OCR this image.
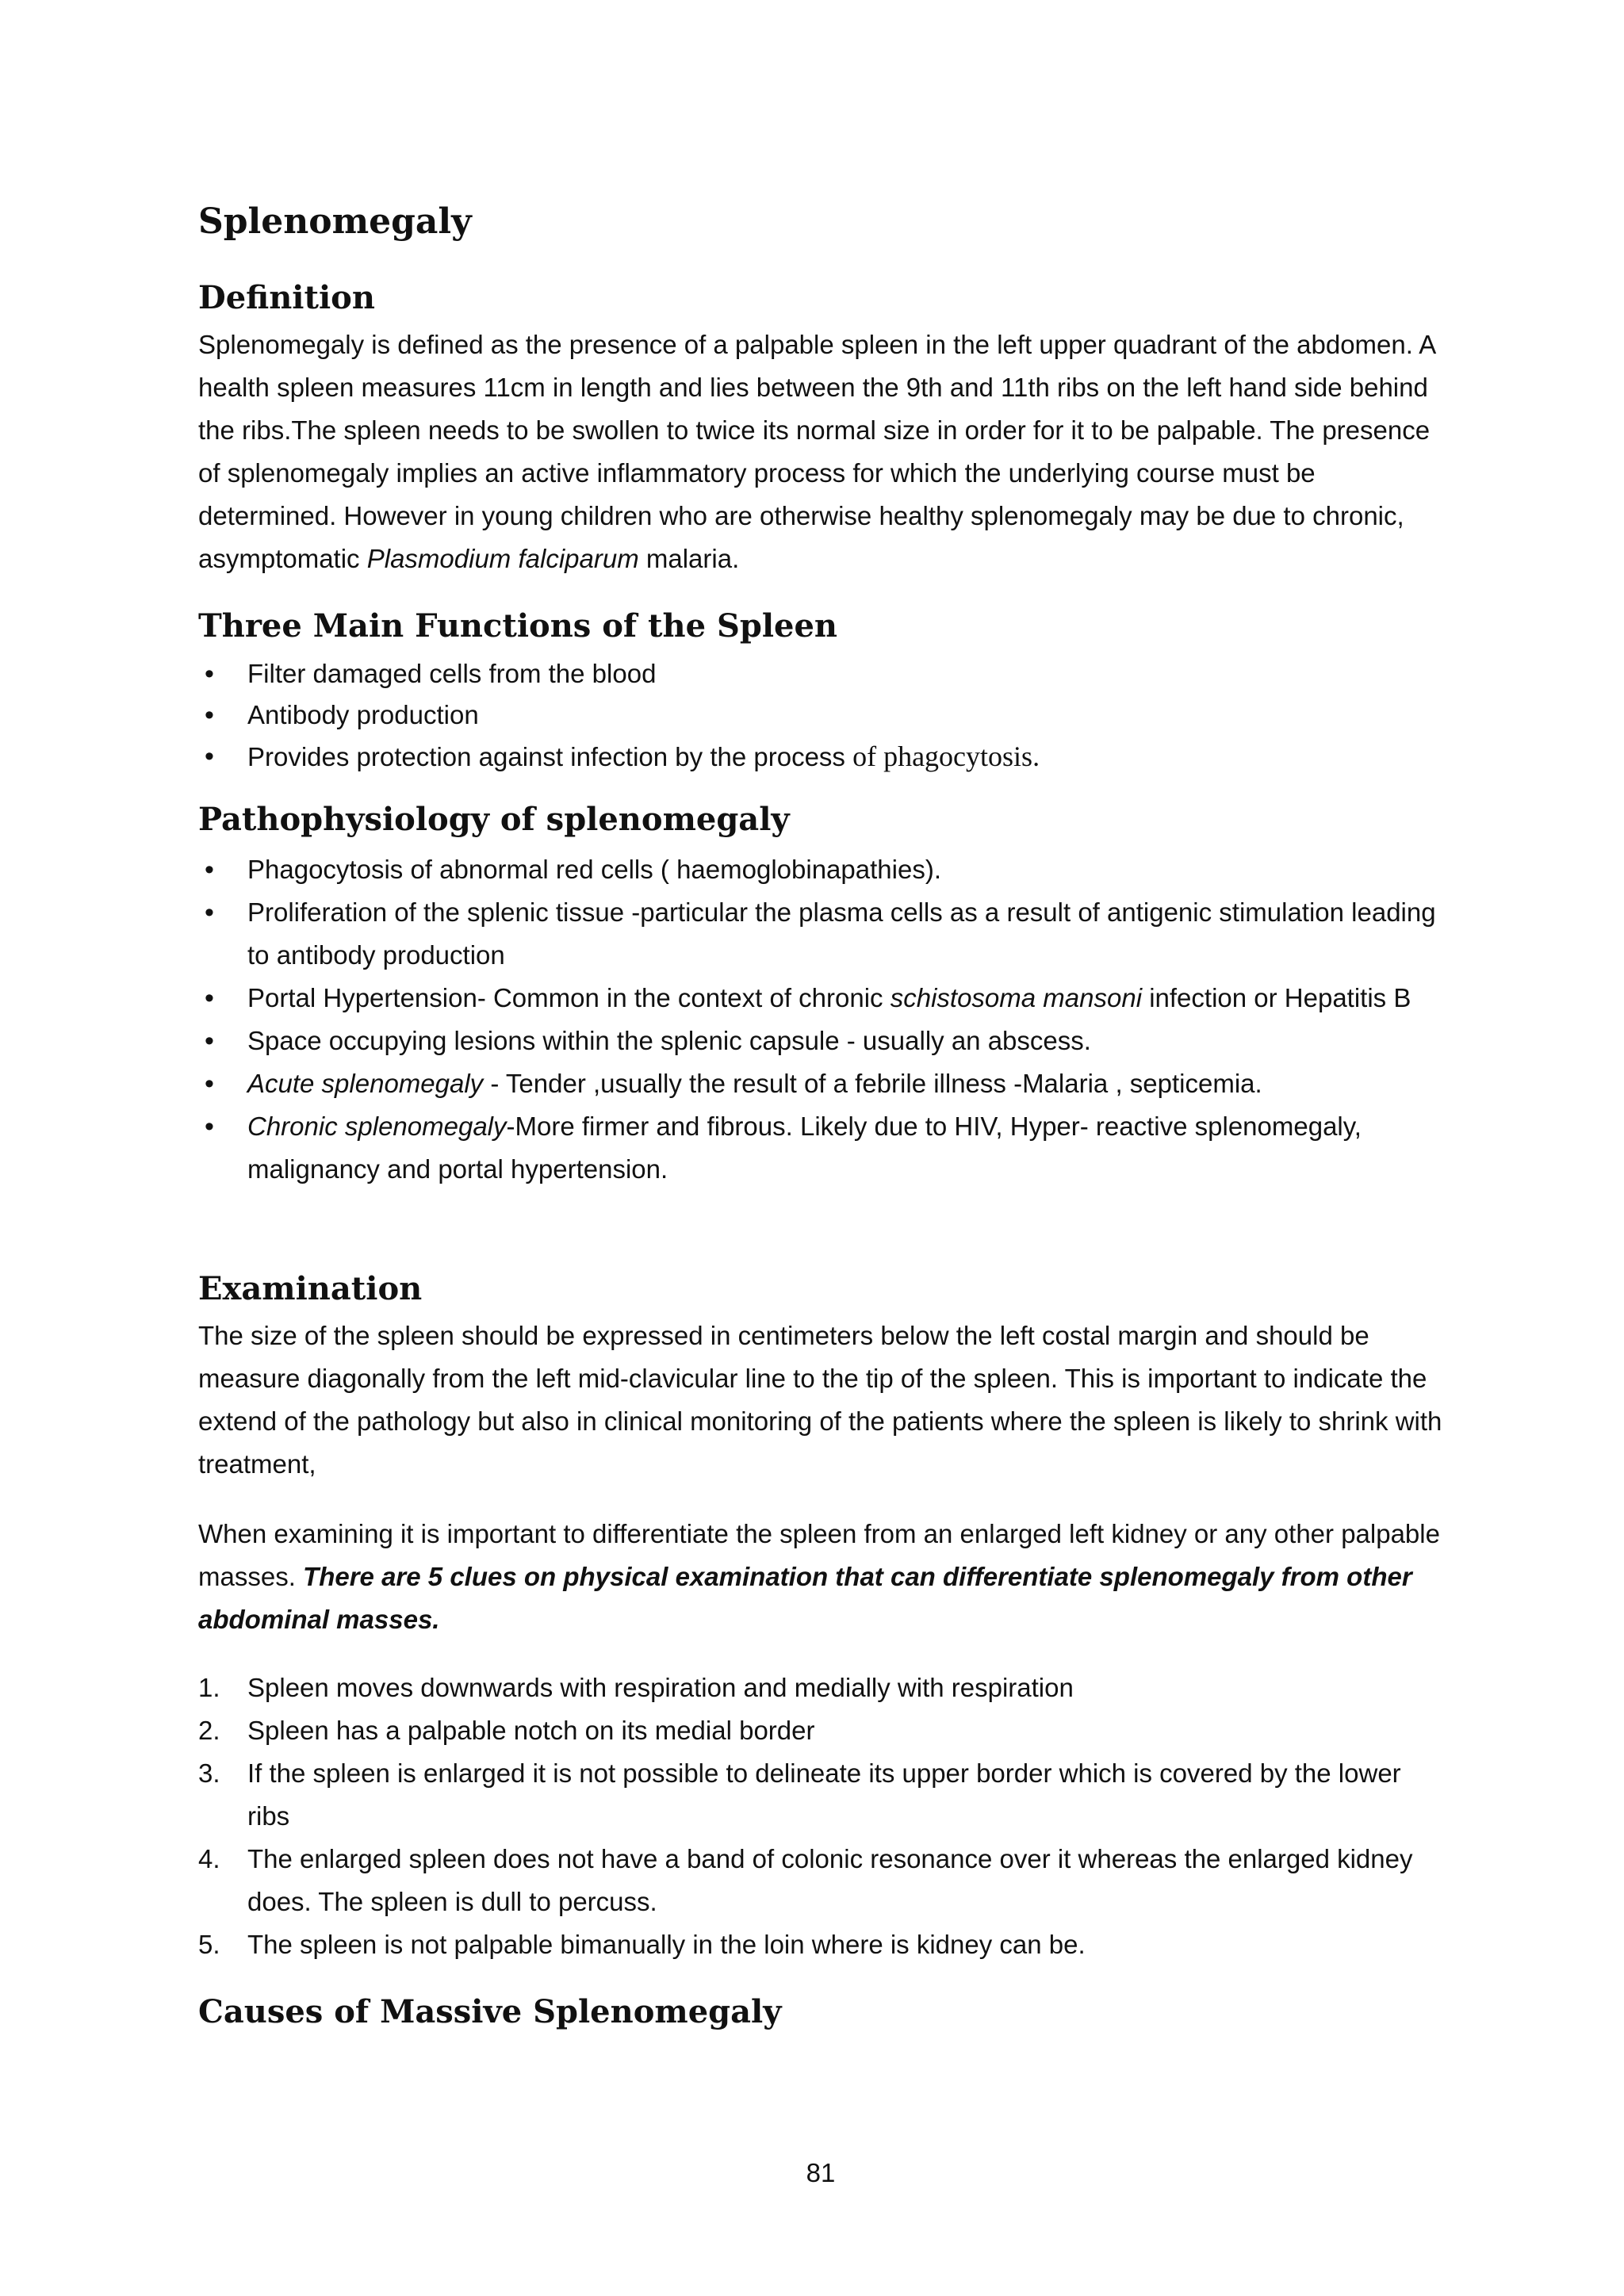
Splenomegaly
Definition

Splenomegaly is defined as the presence of a palpable spleen in the left upper quadrant of the abdomen. A health spleen measures 11cm in length and lies between the 9th and 11th ribs on the left hand side behind the ribs.The spleen needs to be swollen to twice its normal size in order for it to be palpable. The presence of splenomegaly implies an active inflammatory process for which the underlying course must be determined. However in young children who are otherwise healthy splenomegaly may be due to chronic, asymptomatic Plasmodium falciparum malaria.

Three Main Functions of the Spleen
• Filter damaged cells from the blood
• Antibody production
• Provides protection against infection by the process of phagocytosis.
Pathophysiology of splenomegaly
• Phagocytosis of abnormal red cells ( haemoglobinapathies).
• Proliferation of the splenic tissue -particular the plasma cells as a result of antigenic stimulation leading to antibody production
• Portal Hypertension- Common in the context of chronic schistosoma mansoni infection or Hepatitis B
• Space occupying lesions within the splenic capsule - usually an abscess.
• Acute splenomegaly - Tender ,usually the result of a febrile illness -Malaria , septicemia.
• Chronic splenomegaly-More firmer and fibrous. Likely due to HIV, Hyper- reactive splenomegaly, malignancy and portal hypertension.
Examination

The size of the spleen should be expressed in centimeters below the left costal margin and should be measure diagonally from the left mid-clavicular line to the tip of the spleen. This is important to indicate the extend of the pathology but also in clinical monitoring of the patients where the spleen is likely to shrink with treatment,

When examining it is important to differentiate the spleen from an enlarged left kidney or any other palpable masses. There are 5 clues on physical examination that can differentiate splenomegaly from other abdominal masses.

1. Spleen moves downwards with respiration and medially with respiration
2. Spleen has a palpable notch on its medial border
3. If the spleen is enlarged it is not possible to delineate its upper border which is covered by the lower ribs
4. The enlarged spleen does not have a band of colonic resonance over it whereas the enlarged kidney does. The spleen is dull to percuss.
5. The spleen is not palpable bimanually in the loin where is kidney can be.
Causes of Massive Splenomegaly
81
